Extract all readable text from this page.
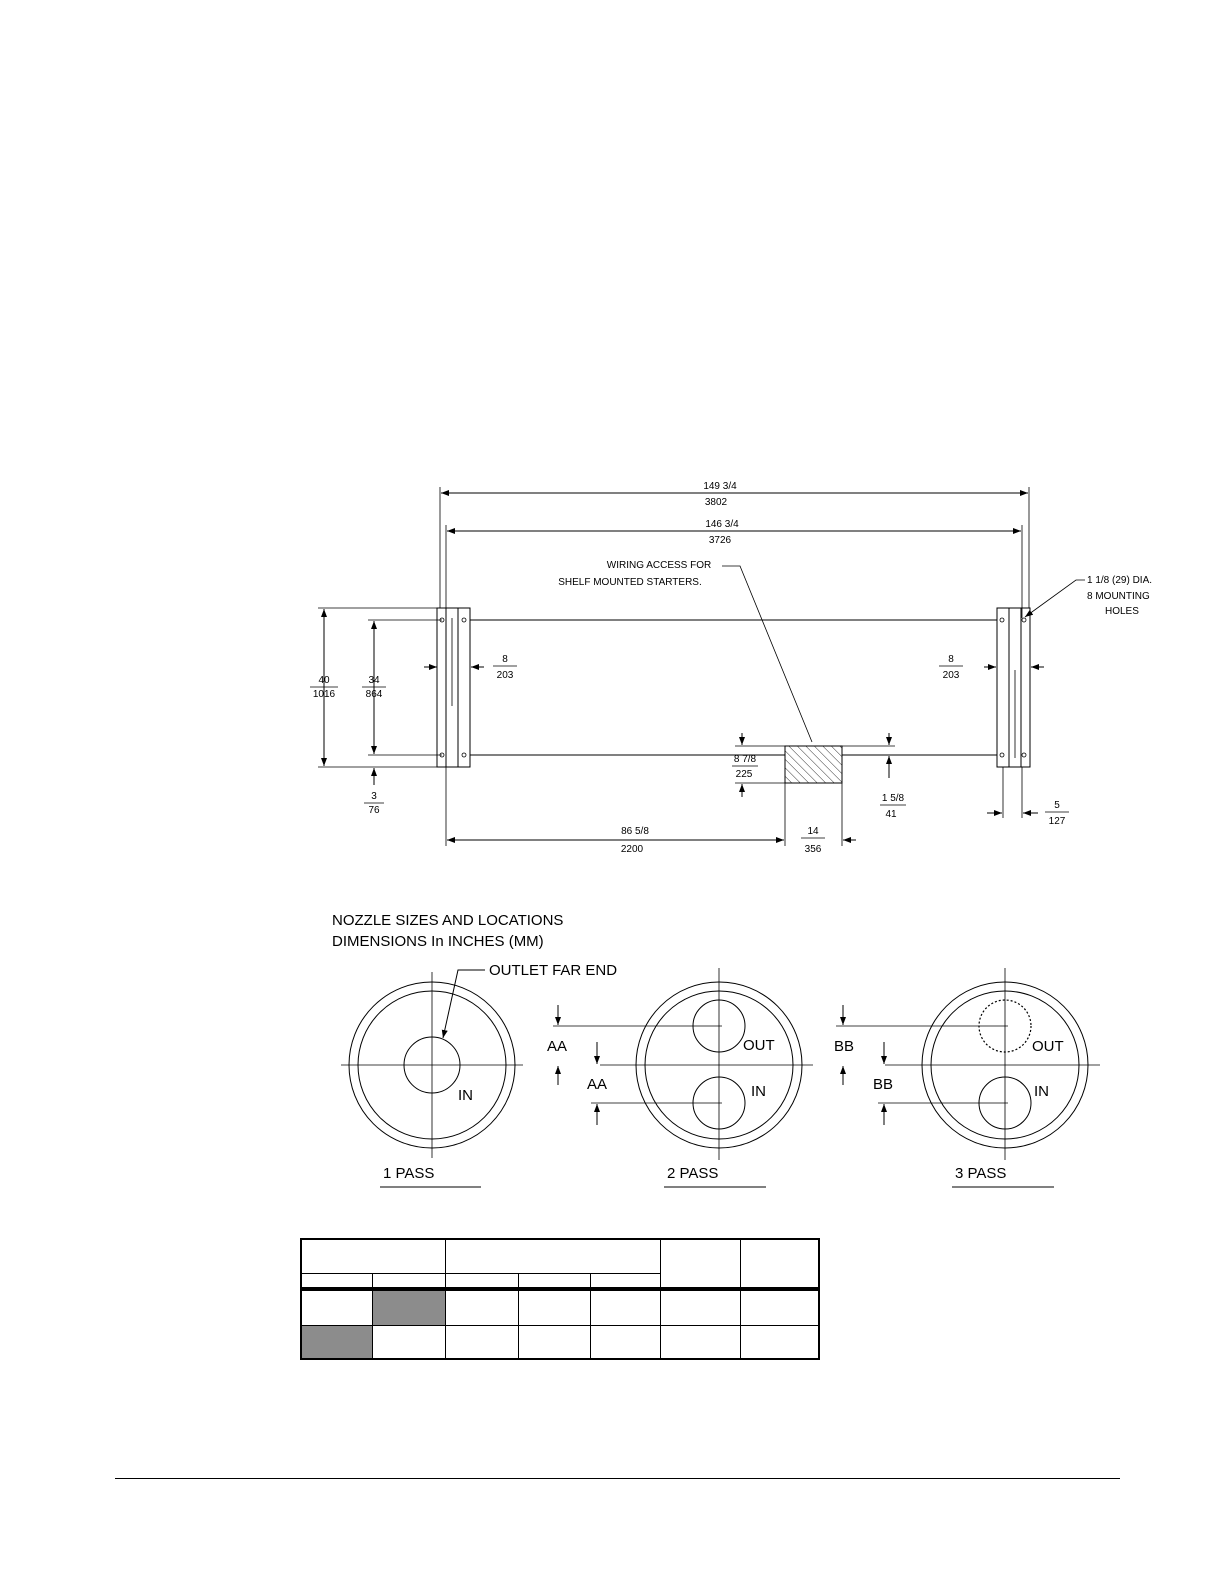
149 3/4
3802
146 3/4
3726
WIRING ACCESS FOR
SHELF MOUNTED STARTERS.	1 1/8 (29) DIA.
8 MOUNTING
HOLES
40
1016
34
864
3
76
8
203
8
203
8 7/8
225
1 5/8
41
5
127
86 5/8
2200
14
356
NOZZLE SIZES AND LOCATIONS
DIMENSIONS In INCHES (MM)
OUTLET FAR END
IN
1 PASS
AA
AA
OUT
IN
2 PASS
BB
BB
OUT
IN
3 PASS
